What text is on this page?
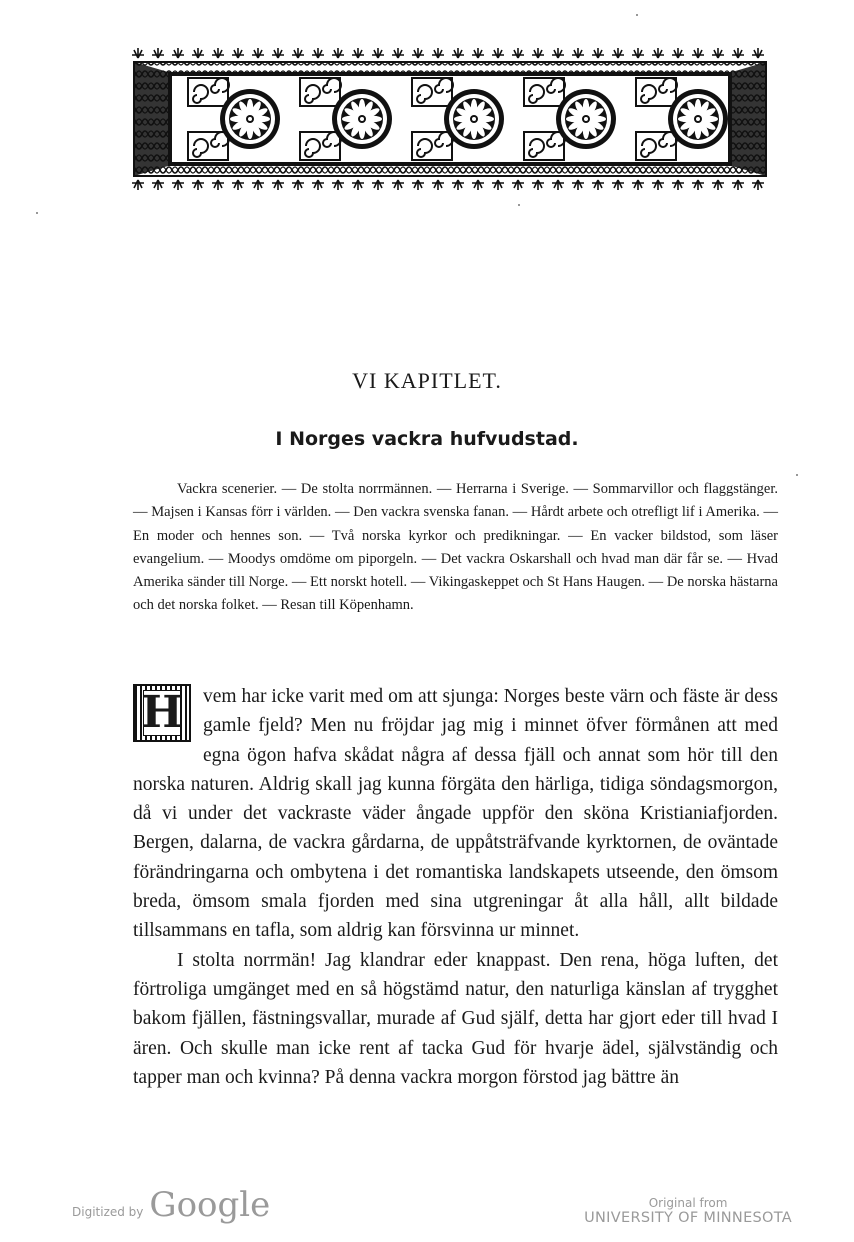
VI KAPITLET.
I Norges vackra hufvudstad.

Vackra scenerier. — De stolta norrmännen. — Herrarna i Sverige. — Sommarvillor och flaggstänger. — Majsen i Kansas förr i världen. — Den vackra svenska fanan. — Hårdt arbete och otrefligt lif i Amerika. — En moder och hennes son. — Två norska kyrkor och predikningar. — En vacker bildstod, som läser evangelium. — Moodys omdöme om piporgeln. — Det vackra Oskarshall och hvad man där får se. — Hvad Amerika sänder till Norge. — Ett norskt hotell. — Vikingaskeppet och St Hans Haugen. — De norska hästarna och det norska folket. — Resan till Köpenhamn.

H vem har icke varit med om att sjunga: Norges beste värn och fäste är dess gamle fjeld? Men nu fröjdar jag mig i minnet öfver förmånen att med egna ögon hafva skådat några af dessa fjäll och annat som hör till den norska naturen. Aldrig skall jag kunna förgäta den härliga, tidiga söndagsmorgon, då vi under det vackraste väder ångade uppför den sköna Kristianiafjorden. Bergen, dalarna, de vackra gårdarna, de uppåtsträfvande kyrktornen, de oväntade förändringarna och ombytena i det romantiska landskapets utseende, den ömsom breda, ömsom smala fjorden med sina utgreningar åt alla håll, allt bildade tillsammans en tafla, som aldrig kan försvinna ur minnet.

I stolta norrmän! Jag klandrar eder knappast. Den rena, höga luften, det förtroliga umgänget med en så högstämd natur, den naturliga känslan af trygghet bakom fjällen, fästningsvallar, murade af Gud själf, detta har gjort eder till hvad I ären. Och skulle man icke rent af tacka Gud för hvarje ädel, självständig och tapper man och kvinna? På denna vackra morgon förstod jag bättre än

Digitized by Google	Original from
UNIVERSITY OF MINNESOTA
